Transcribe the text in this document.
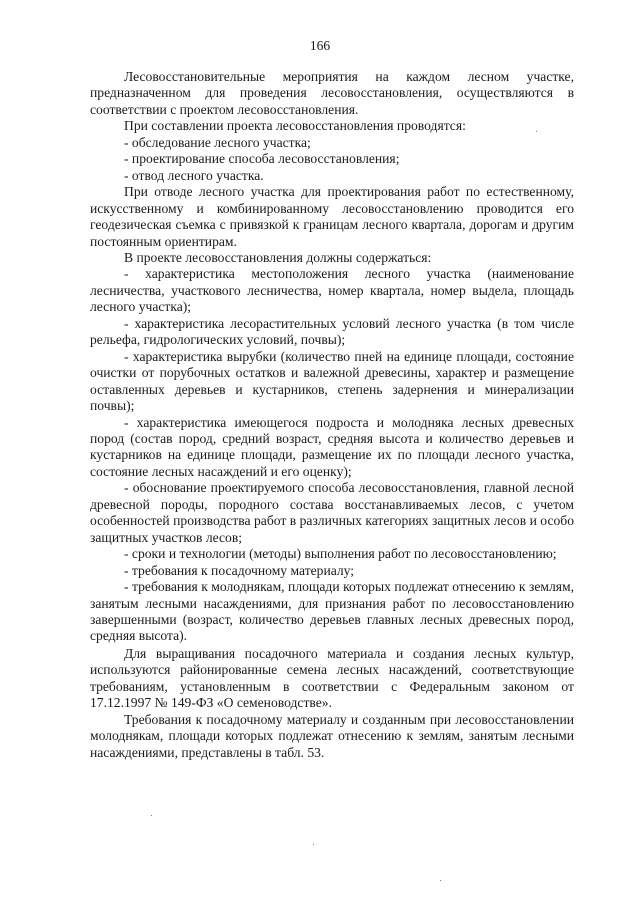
166

Лесовосстановительные мероприятия на каждом лесном участке, предназначенном для проведения лесовосстановления, осуществляются в соответствии с проектом лесовосстановления.

При составлении проекта лесовосстановления проводятся:

- обследование лесного участка;

- проектирование способа лесовосстановления;

- отвод лесного участка.

При отводе лесного участка для проектирования работ по естественному, искусственному и комбинированному лесовосстановлению проводится его геодезическая съемка с привязкой к границам лесного квартала, дорогам и другим постоянным ориентирам.

В проекте лесовосстановления должны содержаться:

- характеристика местоположения лесного участка (наименование лесничества, участкового лесничества, номер квартала, номер выдела, площадь лесного участка);

- характеристика лесорастительных условий лесного участка (в том числе рельефа, гидрологических условий, почвы);

- характеристика вырубки (количество пней на единице площади, состояние очистки от порубочных остатков и валежной древесины, характер и размещение оставленных деревьев и кустарников, степень задернения и минерализации почвы);

- характеристика имеющегося подроста и молодняка лесных древесных пород (состав пород, средний возраст, средняя высота и количество деревьев и кустарников на единице площади, размещение их по площади лесного участка, состояние лесных насаждений и его оценку);

- обоснование проектируемого способа лесовосстановления, главной лесной древесной породы, породного состава восстанавливаемых лесов, с учетом особенностей производства работ в различных категориях защитных лесов и особо защитных участков лесов;

- сроки и технологии (методы) выполнения работ по лесовосстановлению;

- требования к посадочному материалу;

- требования к молоднякам, площади которых подлежат отнесению к землям, занятым лесными насаждениями, для признания работ по лесовосстановлению завершенными (возраст, количество деревьев главных лесных древесных пород, средняя высота).

Для выращивания посадочного материала и создания лесных культур, используются районированные семена лесных насаждений, соответствующие требованиям, установленным в соответствии с Федеральным законом от 17.12.1997 № 149-ФЗ «О семеноводстве».

Требования к посадочному материалу и созданным при лесовосстановлении молоднякам, площади которых подлежат отнесению к землям, занятым лесными насаждениями, представлены в табл. 53.
